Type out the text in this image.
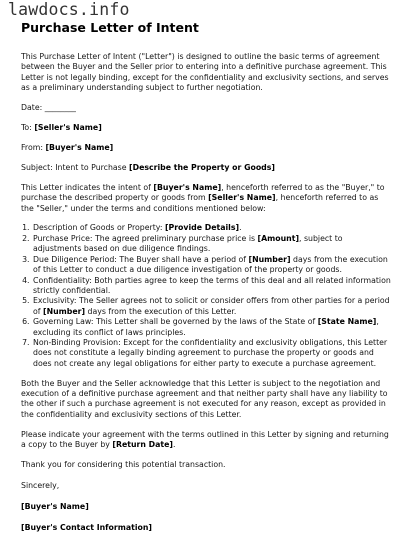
lawdocs.info
Purchase Letter of Intent

This Purchase Letter of Intent ("Letter") is designed to outline the basic terms of agreement between the Buyer and the Seller prior to entering into a definitive purchase agreement. This Letter is not legally binding, except for the confidentiality and exclusivity sections, and serves as a preliminary understanding subject to further negotiation.

Date: ________

To: [Seller's Name]

From: [Buyer's Name]

Subject: Intent to Purchase [Describe the Property or Goods]

This Letter indicates the intent of [Buyer's Name], henceforth referred to as the "Buyer," to purchase the described property or goods from [Seller's Name], henceforth referred to as the "Seller," under the terms and conditions mentioned below:

1. Description of Goods or Property: [Provide Details].
2. Purchase Price: The agreed preliminary purchase price is [Amount], subject to adjustments based on due diligence findings.
3. Due Diligence Period: The Buyer shall have a period of [Number] days from the execution of this Letter to conduct a due diligence investigation of the property or goods.
4. Confidentiality: Both parties agree to keep the terms of this deal and all related information strictly confidential.
5. Exclusivity: The Seller agrees not to solicit or consider offers from other parties for a period of [Number] days from the execution of this Letter.
6. Governing Law: This Letter shall be governed by the laws of the State of [State Name], excluding its conflict of laws principles.
7. Non-Binding Provision: Except for the confidentiality and exclusivity obligations, this Letter does not constitute a legally binding agreement to purchase the property or goods and does not create any legal obligations for either party to execute a purchase agreement.

Both the Buyer and the Seller acknowledge that this Letter is subject to the negotiation and execution of a definitive purchase agreement and that neither party shall have any liability to the other if such a purchase agreement is not executed for any reason, except as provided in the confidentiality and exclusivity sections of this Letter.

Please indicate your agreement with the terms outlined in this Letter by signing and returning a copy to the Buyer by [Return Date].

Thank you for considering this potential transaction.

Sincerely,

[Buyer's Name]

[Buyer's Contact Information]
